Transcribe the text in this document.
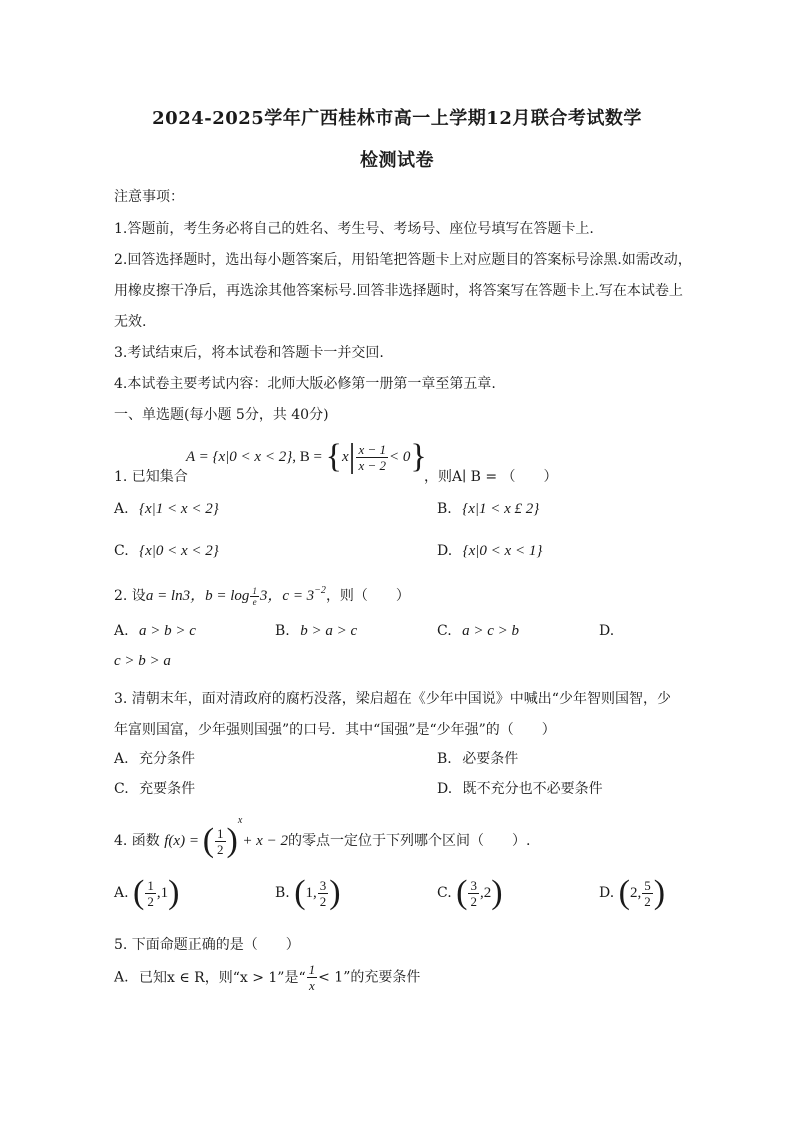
2024-2025学年广西桂林市高一上学期12月联合考试数学
检测试卷
注意事项：
1.答题前，考生务必将自己的姓名、考生号、考场号、座位号填写在答题卡上.
2.回答选择题时，选出每小题答案后，用铅笔把答题卡上对应题目的答案标号涂黑.如需改动，
用橡皮擦干净后，再选涂其他答案标号.回答非选择题时，将答案写在答题卡上.写在本试卷上
无效.
3.考试结束后，将本试卷和答题卡一并交回.
4.本试卷主要考试内容：北师大版必修第一册第一章至第五章.
一、单选题(每小题 5分，共 40分)
1. 已知集合
A = {x|0 < x < 2}, $B = \{x| \frac{x - 1}{x - 2} < 0\}$
，则A∣ B = （　　）
A. {x|1 < x < 2}	B. {x|1 < x £ 2}
C. {x|0 < x < 2}	D. {x|0 < x < 1}
2. 设a = ln3，$b = \log \frac{1}{e} 3$，$c = 3^{-2}$，则（　　）
A. a > b > c	B. b > a > c	C. a > c > b	D.
c > b > a
3. 清朝末年，面对清政府的腐朽没落，梁启超在《少年中国说》中喊出“少年智则国智，少
年富则国富，少年强则国强”的口号．其中“国强”是“少年强”的（　　）
A. 充分条件	B. 必要条件
C. 充要条件	D. 既不充分也不必要条件
4. 函数 f(x) = ( $\frac{1}{2} )^x+ x - 2$的零点一定位于下列哪个区间（　　）.
A. ( $\frac{1}{2} ,1$)	B. (1, $\frac{3}{2}$ )	C. ( $\frac{3}{2} ,2$)	D. (2, $\frac{5}{2}$ )
5. 下面命题正确的是（　　）
A. 已知x ∈ R，则“x > 1”是“ $\frac{1}{x} < 1$”的充要条件
